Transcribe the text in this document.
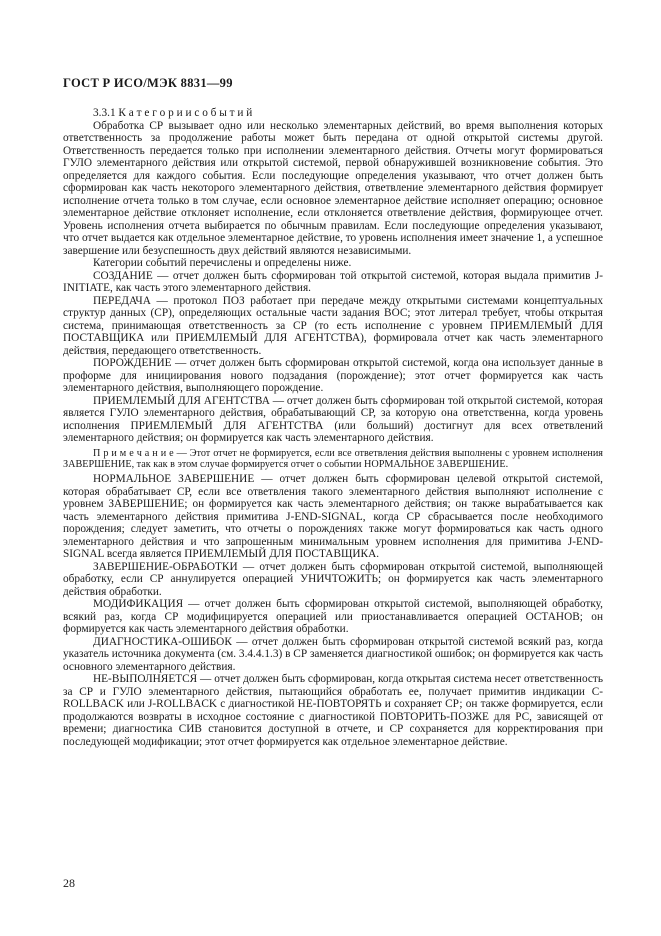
ГОСТ Р ИСО/МЭК 8831—99
3.3.1 К а т е г о р и и с о б ы т и й

Обработка СР вызывает одно или несколько элементарных действий, во время выполнения которых ответственность за продолжение работы может быть передана от одной открытой системы другой. Ответственность передается только при исполнении элементарного действия. Отчеты могут формироваться ГУЛО элементарного действия или открытой системой, первой обнаружившей возникновение события. Это определяется для каждого события. Если последующие определения указывают, что отчет должен быть сформирован как часть некоторого элементарного действия, ответвление элементарного действия формирует исполнение отчета только в том случае, если основное элементарное действие исполняет операцию; основное элементарное действие отклоняет исполнение, если отклоняется ответвление действия, формирующее отчет. Уровень исполнения отчета выбирается по обычным правилам. Если последующие определения указывают, что отчет выдается как отдельное элементарное действие, то уровень исполнения имеет значение 1, а успешное завершение или безуспешность двух действий являются независимыми.

Категории событий перечислены и определены ниже.

СОЗДАНИЕ — отчет должен быть сформирован той открытой системой, которая выдала примитив J-INITIATE, как часть этого элементарного действия.

ПЕРЕДАЧА — протокол ПОЗ работает при передаче между открытыми системами концептуальных структур данных (СР), определяющих остальные части задания ВОС; этот литерал требует, чтобы открытая система, принимающая ответственность за СР (то есть исполнение с уровнем ПРИЕМЛЕМЫЙ ДЛЯ ПОСТАВЩИКА или ПРИЕМЛЕМЫЙ ДЛЯ АГЕНТСТВА), формировала отчет как часть элементарного действия, передающего ответственность.

ПОРОЖДЕНИЕ — отчет должен быть сформирован открытой системой, когда она использует данные в проформе для инициирования нового подзадания (порождение); этот отчет формируется как часть элементарного действия, выполняющего порождение.

ПРИЕМЛЕМЫЙ ДЛЯ АГЕНТСТВА — отчет должен быть сформирован той открытой системой, которая является ГУЛО элементарного действия, обрабатывающий СР, за которую она ответственна, когда уровень исполнения ПРИЕМЛЕМЫЙ ДЛЯ АГЕНТСТВА (или больший) достигнут для всех ответвлений элементарного действия; он формируется как часть элементарного действия.

П р и м е ч а н и е — Этот отчет не формируется, если все ответвления действия выполнены с уровнем исполнения ЗАВЕРШЕНИЕ, так как в этом случае формируется отчет о событии НОРМАЛЬНОЕ ЗАВЕРШЕНИЕ.

НОРМАЛЬНОЕ ЗАВЕРШЕНИЕ — отчет должен быть сформирован целевой открытой системой, которая обрабатывает СР, если все ответвления такого элементарного действия выполняют исполнение с уровнем ЗАВЕРШЕНИЕ; он формируется как часть элементарного действия; он также вырабатывается как часть элементарного действия примитива J-END-SIGNAL, когда СР сбрасывается после необходимого порождения; следует заметить, что отчеты о порождениях также могут формироваться как часть одного элементарного действия и что запрошенным минимальным уровнем исполнения для примитива J-END-SIGNAL всегда является ПРИЕМЛЕМЫЙ ДЛЯ ПОСТАВЩИКА.

ЗАВЕРШЕНИЕ-ОБРАБОТКИ — отчет должен быть сформирован открытой системой, выполняющей обработку, если СР аннулируется операцией УНИЧТОЖИТЬ; он формируется как часть элементарного действия обработки.

МОДИФИКАЦИЯ — отчет должен быть сформирован открытой системой, выполняющей обработку, всякий раз, когда СР модифицируется операцией или приостанавливается операцией ОСТАНОВ; он формируется как часть элементарного действия обработки.

ДИАГНОСТИКА-ОШИБОК — отчет должен быть сформирован открытой системой всякий раз, когда указатель источника документа (см. 3.4.4.1.3) в СР заменяется диагностикой ошибок; он формируется как часть основного элементарного действия.

НЕ-ВЫПОЛНЯЕТСЯ — отчет должен быть сформирован, когда открытая система несет ответственность за СР и ГУЛО элементарного действия, пытающийся обработать ее, получает примитив индикации C-ROLLBACK или J-ROLLBACK с диагностикой НЕ-ПОВТОРЯТЬ и сохраняет СР; он также формируется, если продолжаются возвраты в исходное состояние с диагностикой ПОВТОРИТЬ-ПОЗЖЕ для РС, зависящей от времени; диагностика СИВ становится доступной в отчете, и СР сохраняется для корректирования при последующей модификации; этот отчет формируется как отдельное элементарное действие.

28
